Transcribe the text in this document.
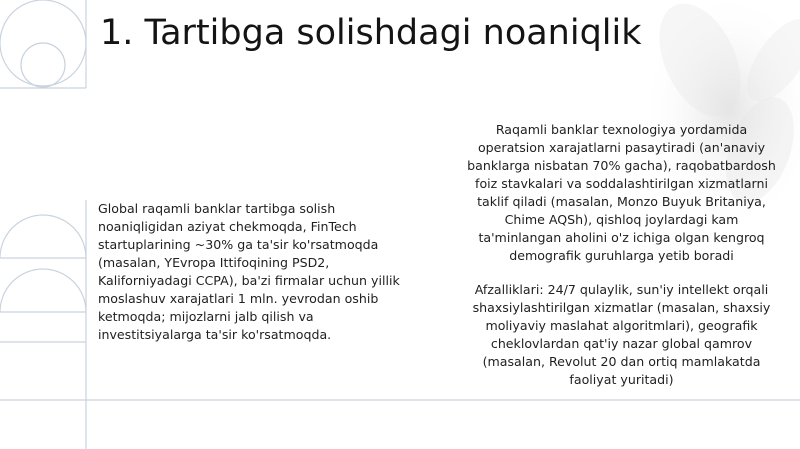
1. Tartibga solishdagi noaniqlik

Global raqamli banklar tartibga solish noaniqligidan aziyat chekmoqda, FinTech startuplarining ~30% ga ta'sir ko'rsatmoqda (masalan, YEvropa Ittifoqining PSD2, Kaliforniyadagi CCPA), ba'zi firmalar uchun yillik moslashuv xarajatlari 1 mln. yevrodan oshib ketmoqda; mijozlarni jalb qilish va investitsiyalarga ta'sir ko'rsatmoqda.

Raqamli banklar texnologiya yordamida operatsion xarajatlarni pasaytiradi (an'anaviy banklarga nisbatan 70% gacha), raqobatbardosh foiz stavkalari va soddalashtirilgan xizmatlarni taklif qiladi (masalan, Monzo Buyuk Britaniya, Chime AQSh), qishloq joylardagi kam ta'minlangan aholini o'z ichiga olgan kengroq demografik guruhlarga yetib boradi

Afzalliklari: 24/7 qulaylik, sun'iy intellekt orqali shaxsiylashtirilgan xizmatlar (masalan, shaxsiy moliyaviy maslahat algoritmlari), geografik cheklovlardan qat'iy nazar global qamrov (masalan, Revolut 20 dan ortiq mamlakatda faoliyat yuritadi)
